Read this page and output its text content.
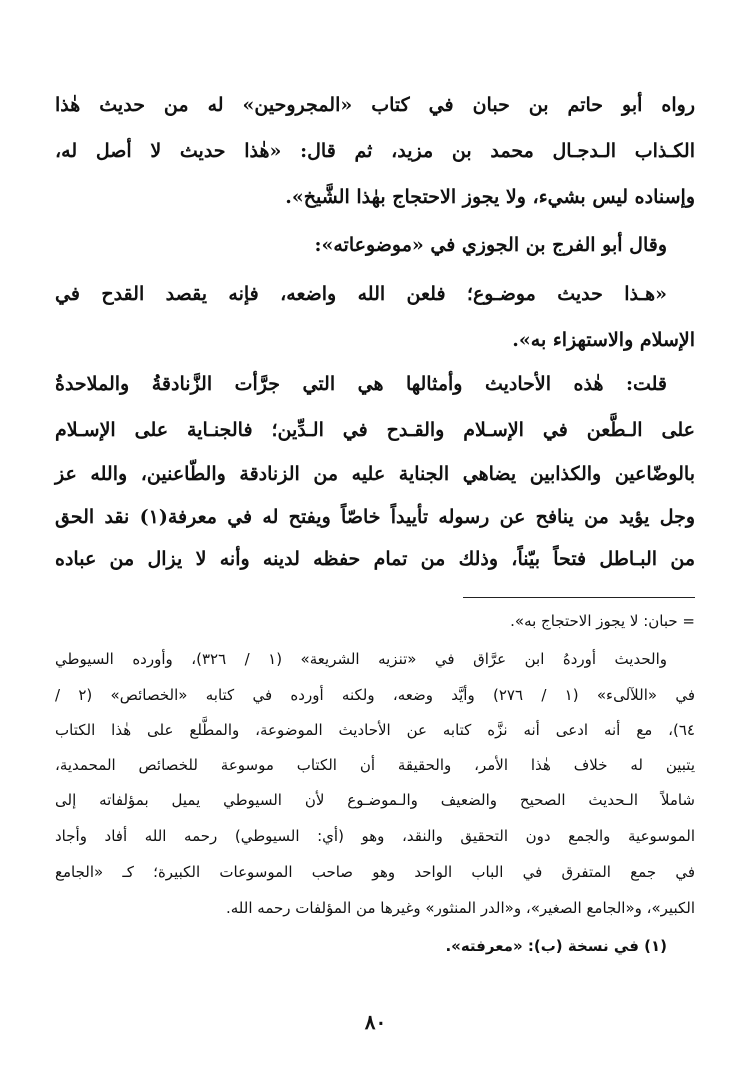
رواه أبو حاتم بن حبان في كتاب «المجروحين» له من حديث هٰذا

الكـذاب الـدجـال محمد بن مزيد، ثم قال: «هٰذا حديث لا أصل له،

وإسناده ليس بشيء، ولا يجوز الاحتجاج بهٰذا الشَّيخ».

وقال أبو الفرج بن الجوزي في «موضوعاته»:

«هـذا حديث موضـوع؛ فلعن الله واضعه، فإنه يقصد القدح في

الإسلام والاستهزاء به».

قلت: هٰذه الأحاديث وأمثالها هي التي جرَّأت الزَّنادقةُ والملاحدةُ

على الـطَّعن في الإسـلام والقـدح في الـدِّين؛ فالجنـاية على الإسـلام

بالوضّاعين والكذابين يضاهي الجناية عليه من الزنادقة والطّاعنين، والله عز

وجل يؤيد من ينافح عن رسوله تأييداً خاصّاً ويفتح له في معرفة(١) نقد الحق

من البـاطل فتحاً بيّناً، وذلك من تمام حفظه لدينه وأنه لا يزال من عباده

= حبان: لا يجوز الاحتجاج به».

والحديث أوردهُ ابن عرَّاق في «تنزيه الشريعة» (١ / ٣٢٦)، وأورده السيوطي

في «اللآلىء» (١ / ٢٧٦) وأيَّد وضعه، ولكنه أورده في كتابه «الخصائص» (٢ /

٦٤)، مع أنه ادعى أنه نزَّه كتابه عن الأحاديث الموضوعة، والمطَّلع على هٰذا الكتاب

يتبين له خلاف هٰذا الأمر، والحقيقة أن الكتاب موسوعة للخصائص المحمدية،

شاملاً الـحديث الصحيح والضعيف والـموضـوع لأن السيوطي يميل بمؤلفاته إلى

الموسوعية والجمع دون التحقيق والنقد، وهو (أي: السيوطي) رحمه الله أفاد وأجاد

في جمع المتفرق في الباب الواحد وهو صاحب الموسوعات الكبيرة؛ كـ «الجامع

الكبير»، و«الجامع الصغير»، و«الدر المنثور» وغيرها من المؤلفات رحمه الله.

(١) في نسخة (ب): «معرفته».

٨٠
